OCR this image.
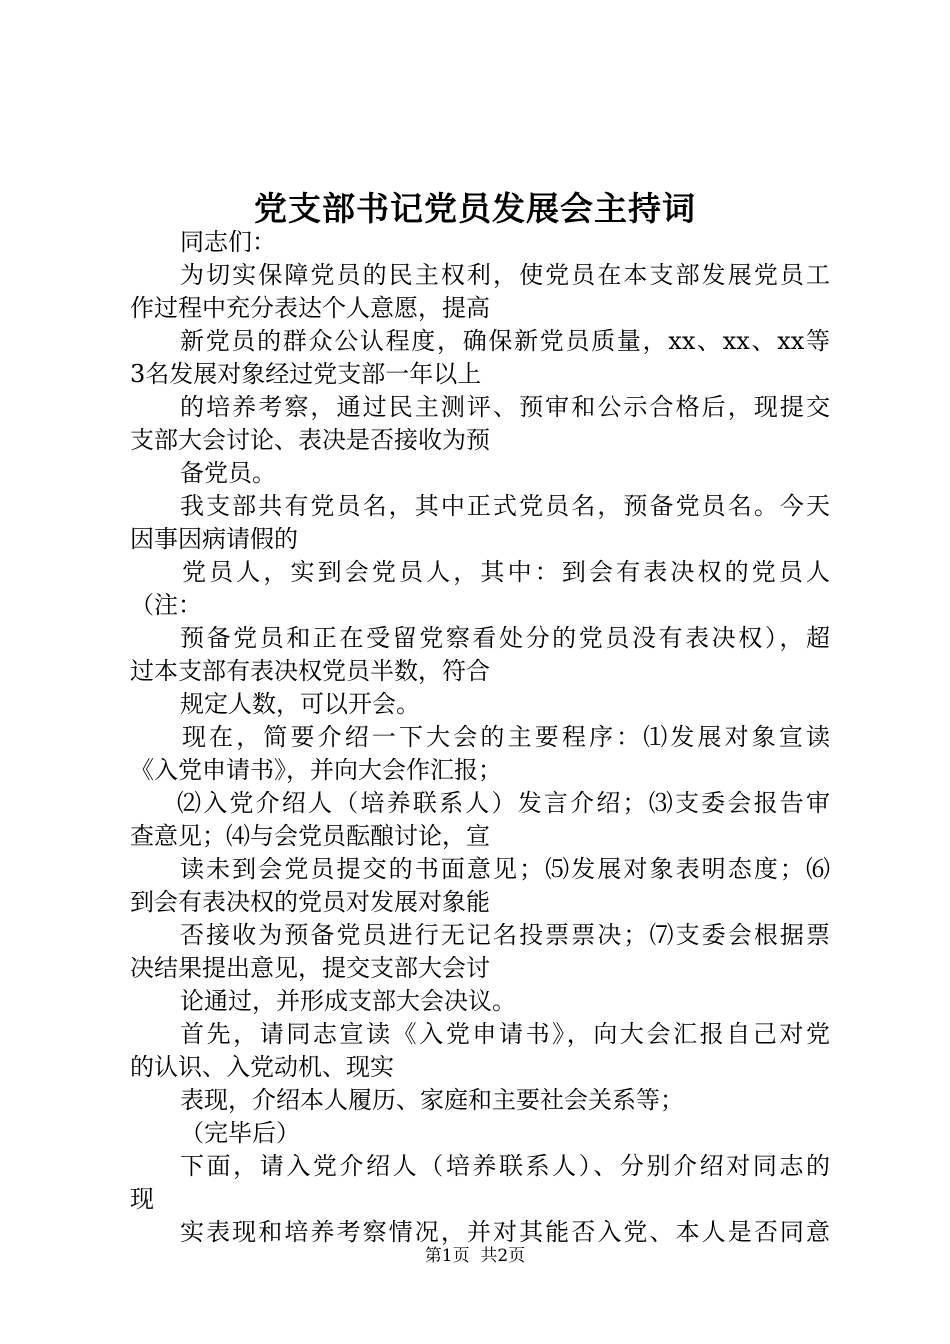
党支部书记党员发展会主持词
同志们：
为切实保障党员的民主权利，使党员在本支部发展党员工
作过程中充分表达个人意愿，提高
新党员的群众公认程度，确保新党员质量，xx、xx、xx等
3名发展对象经过党支部一年以上
的培养考察，通过民主测评、预审和公示合格后，现提交
支部大会讨论、表决是否接收为预
备党员。
我支部共有党员名，其中正式党员名，预备党员名。今天
因事因病请假的
党员人，实到会党员人，其中：到会有表决权的党员人
（注：
预备党员和正在受留党察看处分的党员没有表决权），超
过本支部有表决权党员半数，符合
规定人数，可以开会。
现在，简要介绍一下大会的主要程序：⑴发展对象宣读
《入党申请书》，并向大会作汇报；
⑵入党介绍人（培养联系人）发言介绍；⑶支委会报告审
查意见；⑷与会党员酝酿讨论，宣
读未到会党员提交的书面意见；⑸发展对象表明态度；⑹
到会有表决权的党员对发展对象能
否接收为预备党员进行无记名投票票决；⑺支委会根据票
决结果提出意见，提交支部大会讨
论通过，并形成支部大会决议。
首先，请同志宣读《入党申请书》，向大会汇报自己对党
的认识、入党动机、现实
表现，介绍本人履历、家庭和主要社会关系等；
（完毕后）
下面，请入党介绍人（培养联系人）、分别介绍对同志的
现
实表现和培养考察情况，并对其能否入党、本人是否同意
第1页  共2页
